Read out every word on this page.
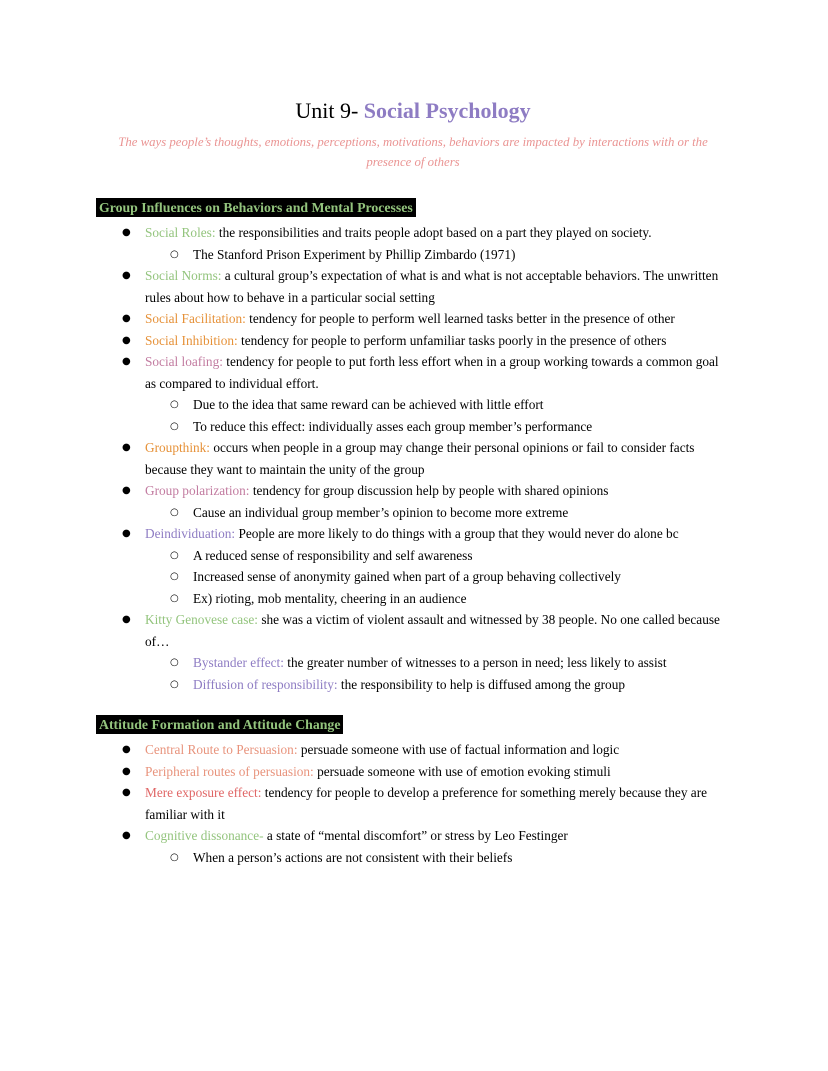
Unit 9- Social Psychology

The ways people’s thoughts, emotions, perceptions, motivations, behaviors are impacted by interactions with or the presence of others

Group Influences on Behaviors and Mental Processes
●	Social Roles: the responsibilities and traits people adopt based on a part they played on society.
○	The Stanford Prison Experiment by Phillip Zimbardo (1971)
●	Social Norms: a cultural group’s expectation of what is and what is not acceptable behaviors. The unwritten rules about how to behave in a particular social setting
●	Social Facilitation: tendency for people to perform well learned tasks better in the presence of other
●	Social Inhibition: tendency for people to perform unfamiliar tasks poorly in the presence of others
●	Social loafing: tendency for people to put forth less effort when in a group working towards a common goal as compared to individual effort.
○	Due to the idea that same reward can be achieved with little effort
○	To reduce this effect: individually asses each group member’s performance
●	Groupthink: occurs when people in a group may change their personal opinions or fail to consider facts because they want to maintain the unity of the group
●	Group polarization: tendency for group discussion help by people with shared opinions
○	Cause an individual group member’s opinion to become more extreme
●	Deindividuation: People are more likely to do things with a group that they would never do alone bc
○	A reduced sense of responsibility and self awareness
○	Increased sense of anonymity gained when part of a group behaving collectively
○	Ex) rioting, mob mentality, cheering in an audience
●	Kitty Genovese case: she was a victim of violent assault and witnessed by 38 people. No one called because of…
○	Bystander effect: the greater number of witnesses to a person in need; less likely to assist
○	Diffusion of responsibility: the responsibility to help is diffused among the group
Attitude Formation and Attitude Change
●	Central Route to Persuasion: persuade someone with use of factual information and logic
●	Peripheral routes of persuasion: persuade someone with use of emotion evoking stimuli
●	Mere exposure effect: tendency for people to develop a preference for something merely because they are familiar with it
●	Cognitive dissonance- a state of “mental discomfort” or stress by Leo Festinger
○	When a person’s actions are not consistent with their beliefs
